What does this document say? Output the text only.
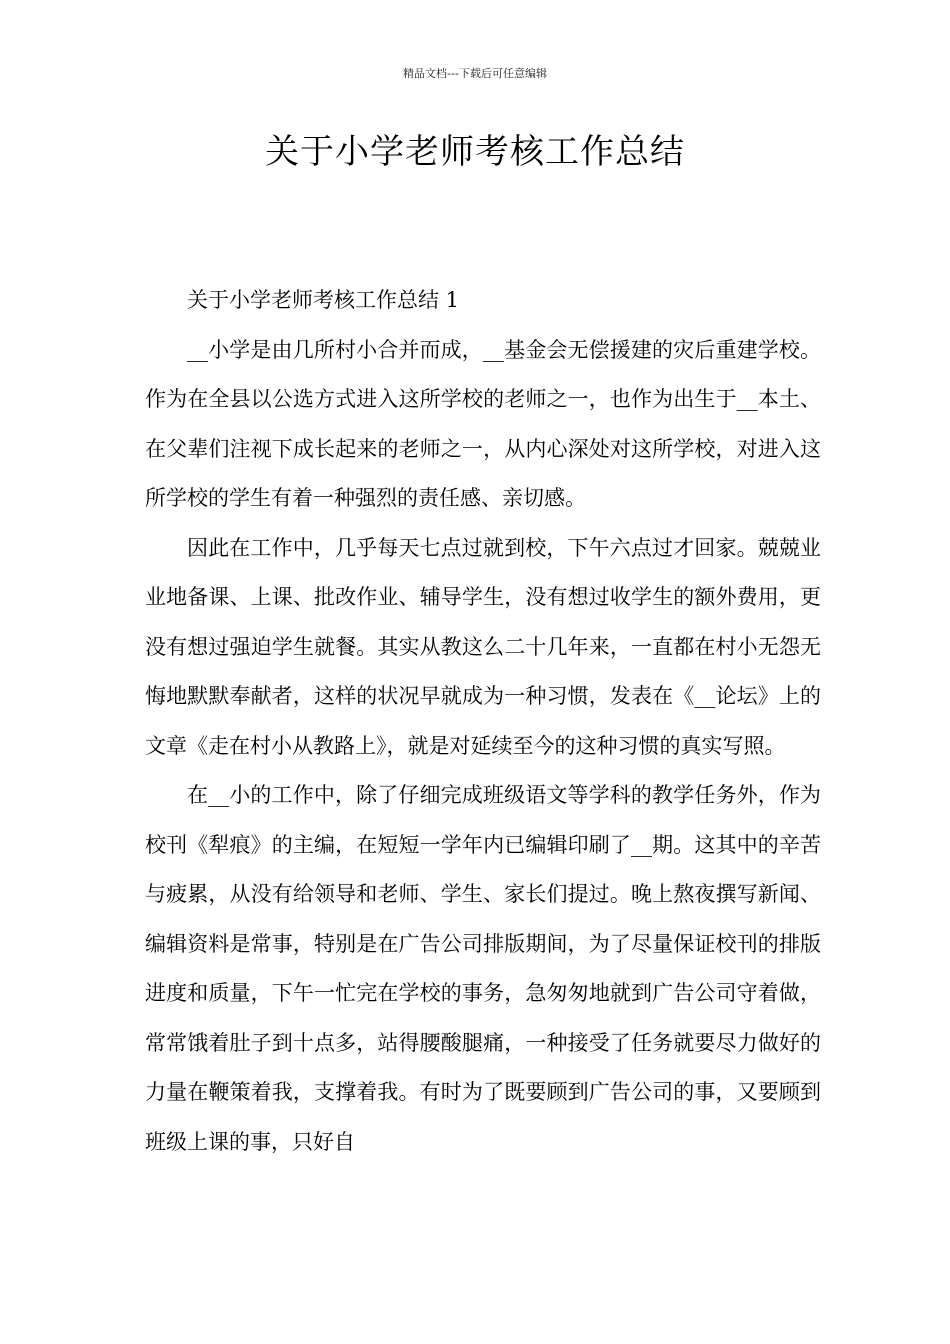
精品文档---下载后可任意编辑
关于小学老师考核工作总结

关于小学老师考核工作总结 1

__小学是由几所村小合并而成，__基金会无偿援建的灾后重建学校。作为在全县以公选方式进入这所学校的老师之一，也作为出生于__本土、在父辈们注视下成长起来的老师之一，从内心深处对这所学校，对进入这所学校的学生有着一种强烈的责任感、亲切感。

因此在工作中，几乎每天七点过就到校，下午六点过才回家。兢兢业业地备课、上课、批改作业、辅导学生，没有想过收学生的额外费用，更没有想过强迫学生就餐。其实从教这么二十几年来，一直都在村小无怨无悔地默默奉献者，这样的状况早就成为一种习惯，发表在《__论坛》上的文章《走在村小从教路上》，就是对延续至今的这种习惯的真实写照。

在__小的工作中，除了仔细完成班级语文等学科的教学任务外，作为校刊《犁痕》的主编，在短短一学年内已编辑印刷了__期。这其中的辛苦与疲累，从没有给领导和老师、学生、家长们提过。晚上熬夜撰写新闻、编辑资料是常事，特别是在广告公司排版期间，为了尽量保证校刊的排版进度和质量，下午一忙完在学校的事务，急匆匆地就到广告公司守着做，常常饿着肚子到十点多，站得腰酸腿痛，一种接受了任务就要尽力做好的力量在鞭策着我，支撑着我。有时为了既要顾到广告公司的事，又要顾到班级上课的事，只好自
